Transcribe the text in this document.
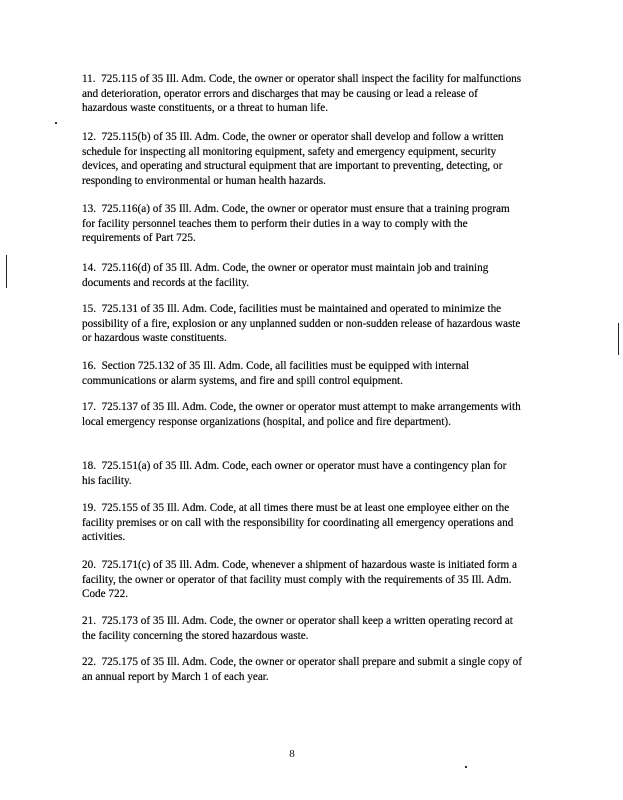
11. 725.115 of 35 Ill. Adm. Code, the owner or operator shall inspect the facility for malfunctions and deterioration, operator errors and discharges that may be causing or lead a release of hazardous waste constituents, or a threat to human life.

12. 725.115(b) of 35 Ill. Adm. Code, the owner or operator shall develop and follow a written schedule for inspecting all monitoring equipment, safety and emergency equipment, security devices, and operating and structural equipment that are important to preventing, detecting, or responding to environmental or human health hazards.

13. 725.116(a) of 35 Ill. Adm. Code, the owner or operator must ensure that a training program for facility personnel teaches them to perform their duties in a way to comply with the requirements of Part 725.

14. 725.116(d) of 35 Ill. Adm. Code, the owner or operator must maintain job and training documents and records at the facility.

15. 725.131 of 35 Ill. Adm. Code, facilities must be maintained and operated to minimize the possibility of a fire, explosion or any unplanned sudden or non-sudden release of hazardous waste or hazardous waste constituents.

16. Section 725.132 of 35 Ill. Adm. Code, all facilities must be equipped with internal communications or alarm systems, and fire and spill control equipment.

17. 725.137 of 35 Ill. Adm. Code, the owner or operator must attempt to make arrangements with local emergency response organizations (hospital, and police and fire department).

18. 725.151(a) of 35 Ill. Adm. Code, each owner or operator must have a contingency plan for his facility.

19. 725.155 of 35 Ill. Adm. Code, at all times there must be at least one employee either on the facility premises or on call with the responsibility for coordinating all emergency operations and activities.

20. 725.171(c) of 35 Ill. Adm. Code, whenever a shipment of hazardous waste is initiated form a facility, the owner or operator of that facility must comply with the requirements of 35 Ill. Adm. Code 722.

21. 725.173 of 35 Ill. Adm. Code, the owner or operator shall keep a written operating record at the facility concerning the stored hazardous waste.

22. 725.175 of 35 Ill. Adm. Code, the owner or operator shall prepare and submit a single copy of an annual report by March 1 of each year.

8
